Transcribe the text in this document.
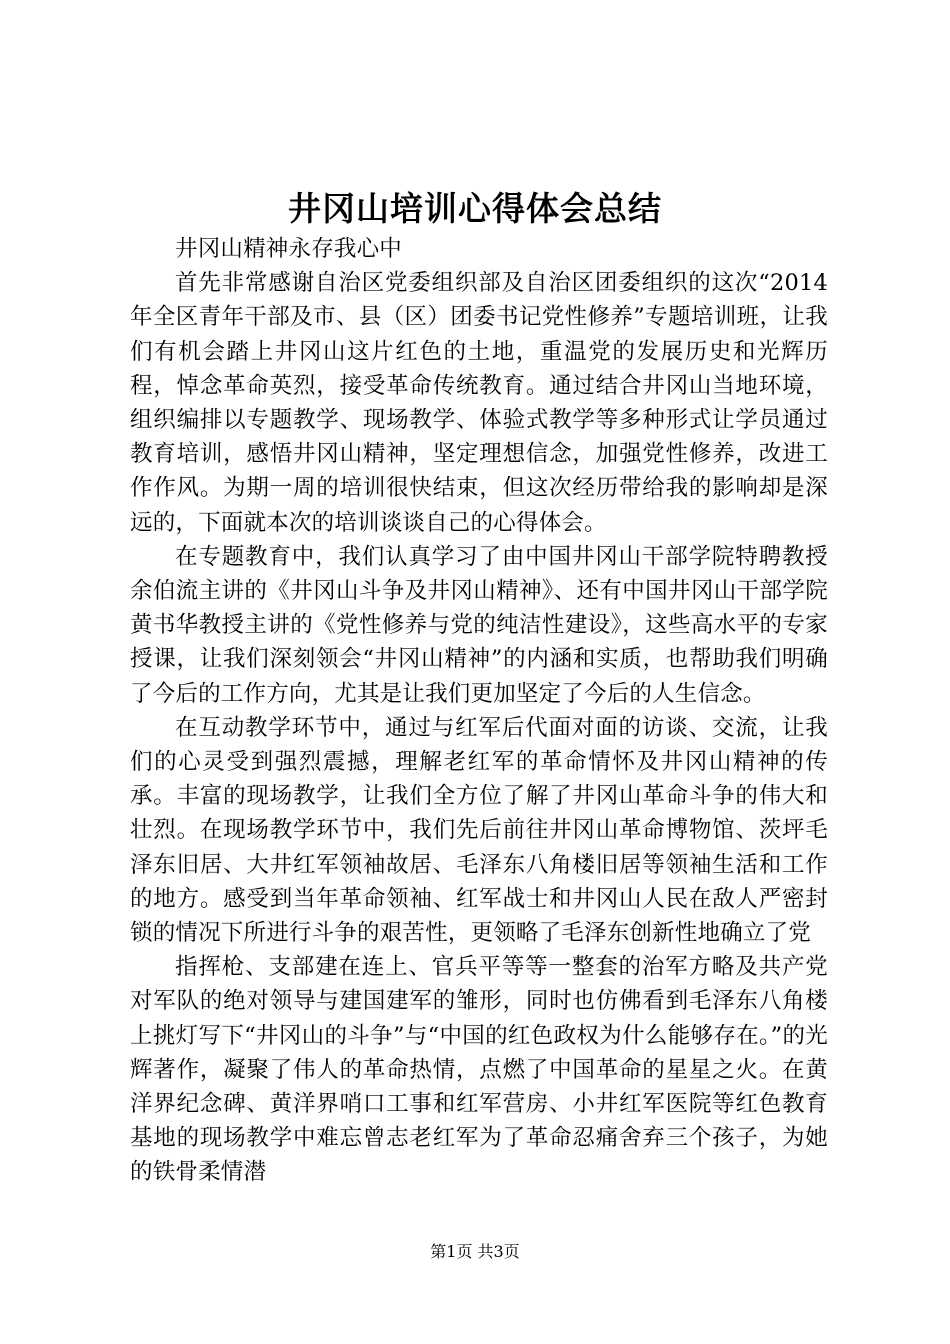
井冈山培训心得体会总结

井冈山精神永存我心中

首先非常感谢自治区党委组织部及自治区团委组织的这次“2014年全区青年干部及市、县（区）团委书记党性修养”专题培训班，让我们有机会踏上井冈山这片红色的土地，重温党的发展历史和光辉历程，悼念革命英烈，接受革命传统教育。通过结合井冈山当地环境，组织编排以专题教学、现场教学、体验式教学等多种形式让学员通过教育培训，感悟井冈山精神，坚定理想信念，加强党性修养，改进工作作风。为期一周的培训很快结束，但这次经历带给我的影响却是深远的，下面就本次的培训谈谈自己的心得体会。

在专题教育中，我们认真学习了由中国井冈山干部学院特聘教授余伯流主讲的《井冈山斗争及井冈山精神》、还有中国井冈山干部学院黄书华教授主讲的《党性修养与党的纯洁性建设》，这些高水平的专家授课，让我们深刻领会“井冈山精神”的内涵和实质，也帮助我们明确了今后的工作方向，尤其是让我们更加坚定了今后的人生信念。

在互动教学环节中，通过与红军后代面对面的访谈、交流，让我们的心灵受到强烈震撼，理解老红军的革命情怀及井冈山精神的传承。丰富的现场教学，让我们全方位了解了井冈山革命斗争的伟大和壮烈。在现场教学环节中，我们先后前往井冈山革命博物馆、茨坪毛泽东旧居、大井红军领袖故居、毛泽东八角楼旧居等领袖生活和工作的地方。感受到当年革命领袖、红军战士和井冈山人民在敌人严密封锁的情况下所进行斗争的艰苦性，更领略了毛泽东创新性地确立了党

指挥枪、支部建在连上、官兵平等等一整套的治军方略及共产党对军队的绝对领导与建国建军的雏形，同时也仿佛看到毛泽东八角楼上挑灯写下“井冈山的斗争”与“中国的红色政权为什么能够存在。”的光辉著作，凝聚了伟人的革命热情，点燃了中国革命的星星之火。在黄洋界纪念碑、黄洋界哨口工事和红军营房、小井红军医院等红色教育基地的现场教学中难忘曾志老红军为了革命忍痛舍弃三个孩子，为她的铁骨柔情潜

第1页 共3页
